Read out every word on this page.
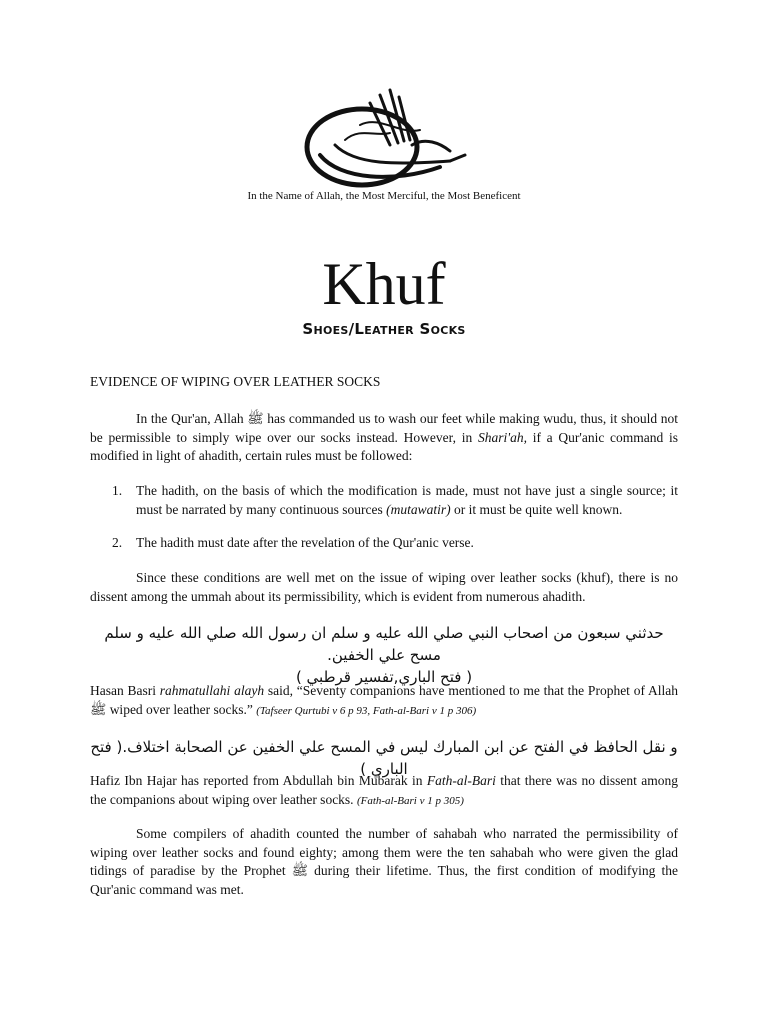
In the Name of Allah, the Most Merciful, the Most Beneficent
Khuf
Shoes/Leather Socks
EVIDENCE OF WIPING OVER LEATHER SOCKS
In the Qur'an, Allah ﷺ has commanded us to wash our feet while making wudu, thus, it should not be permissible to simply wipe over our socks instead. However, in Shari'ah, if a Qur'anic command is modified in light of ahadith, certain rules must be followed:
1. The hadith, on the basis of which the modification is made, must not have just a single source; it must be narrated by many continuous sources (mutawatir) or it must be quite well known.
2. The hadith must date after the revelation of the Qur'anic verse.
Since these conditions are well met on the issue of wiping over leather socks (khuf), there is no dissent among the ummah about its permissibility, which is evident from numerous ahadith.
حدثني سبعون من اصحاب النبي صلي الله عليه و سلم ان رسول الله صلي الله عليه و سلم مسح علي الخفين.
( فتح الباري,تفسير قرطبي )
Hasan Basri rahmatullahi alayh said, “Seventy companions have mentioned to me that the Prophet of Allah ﷺ wiped over leather socks.” (Tafseer Qurtubi v 6 p 93, Fath-al-Bari v 1 p 306)
و نقل الحافظ في الفتح عن ابن المبارك ليس في المسح علي الخفين عن الصحابة اختلاف.( فتح الباري )
Hafiz Ibn Hajar has reported from Abdullah bin Mubarak in Fath-al-Bari that there was no dissent among the companions about wiping over leather socks. (Fath-al-Bari v 1 p 305)
Some compilers of ahadith counted the number of sahabah who narrated the permissibility of wiping over leather socks and found eighty; among them were the ten sahabah who were given the glad tidings of paradise by the Prophet ﷺ during their lifetime. Thus, the first condition of modifying the Qur'anic command was met.
